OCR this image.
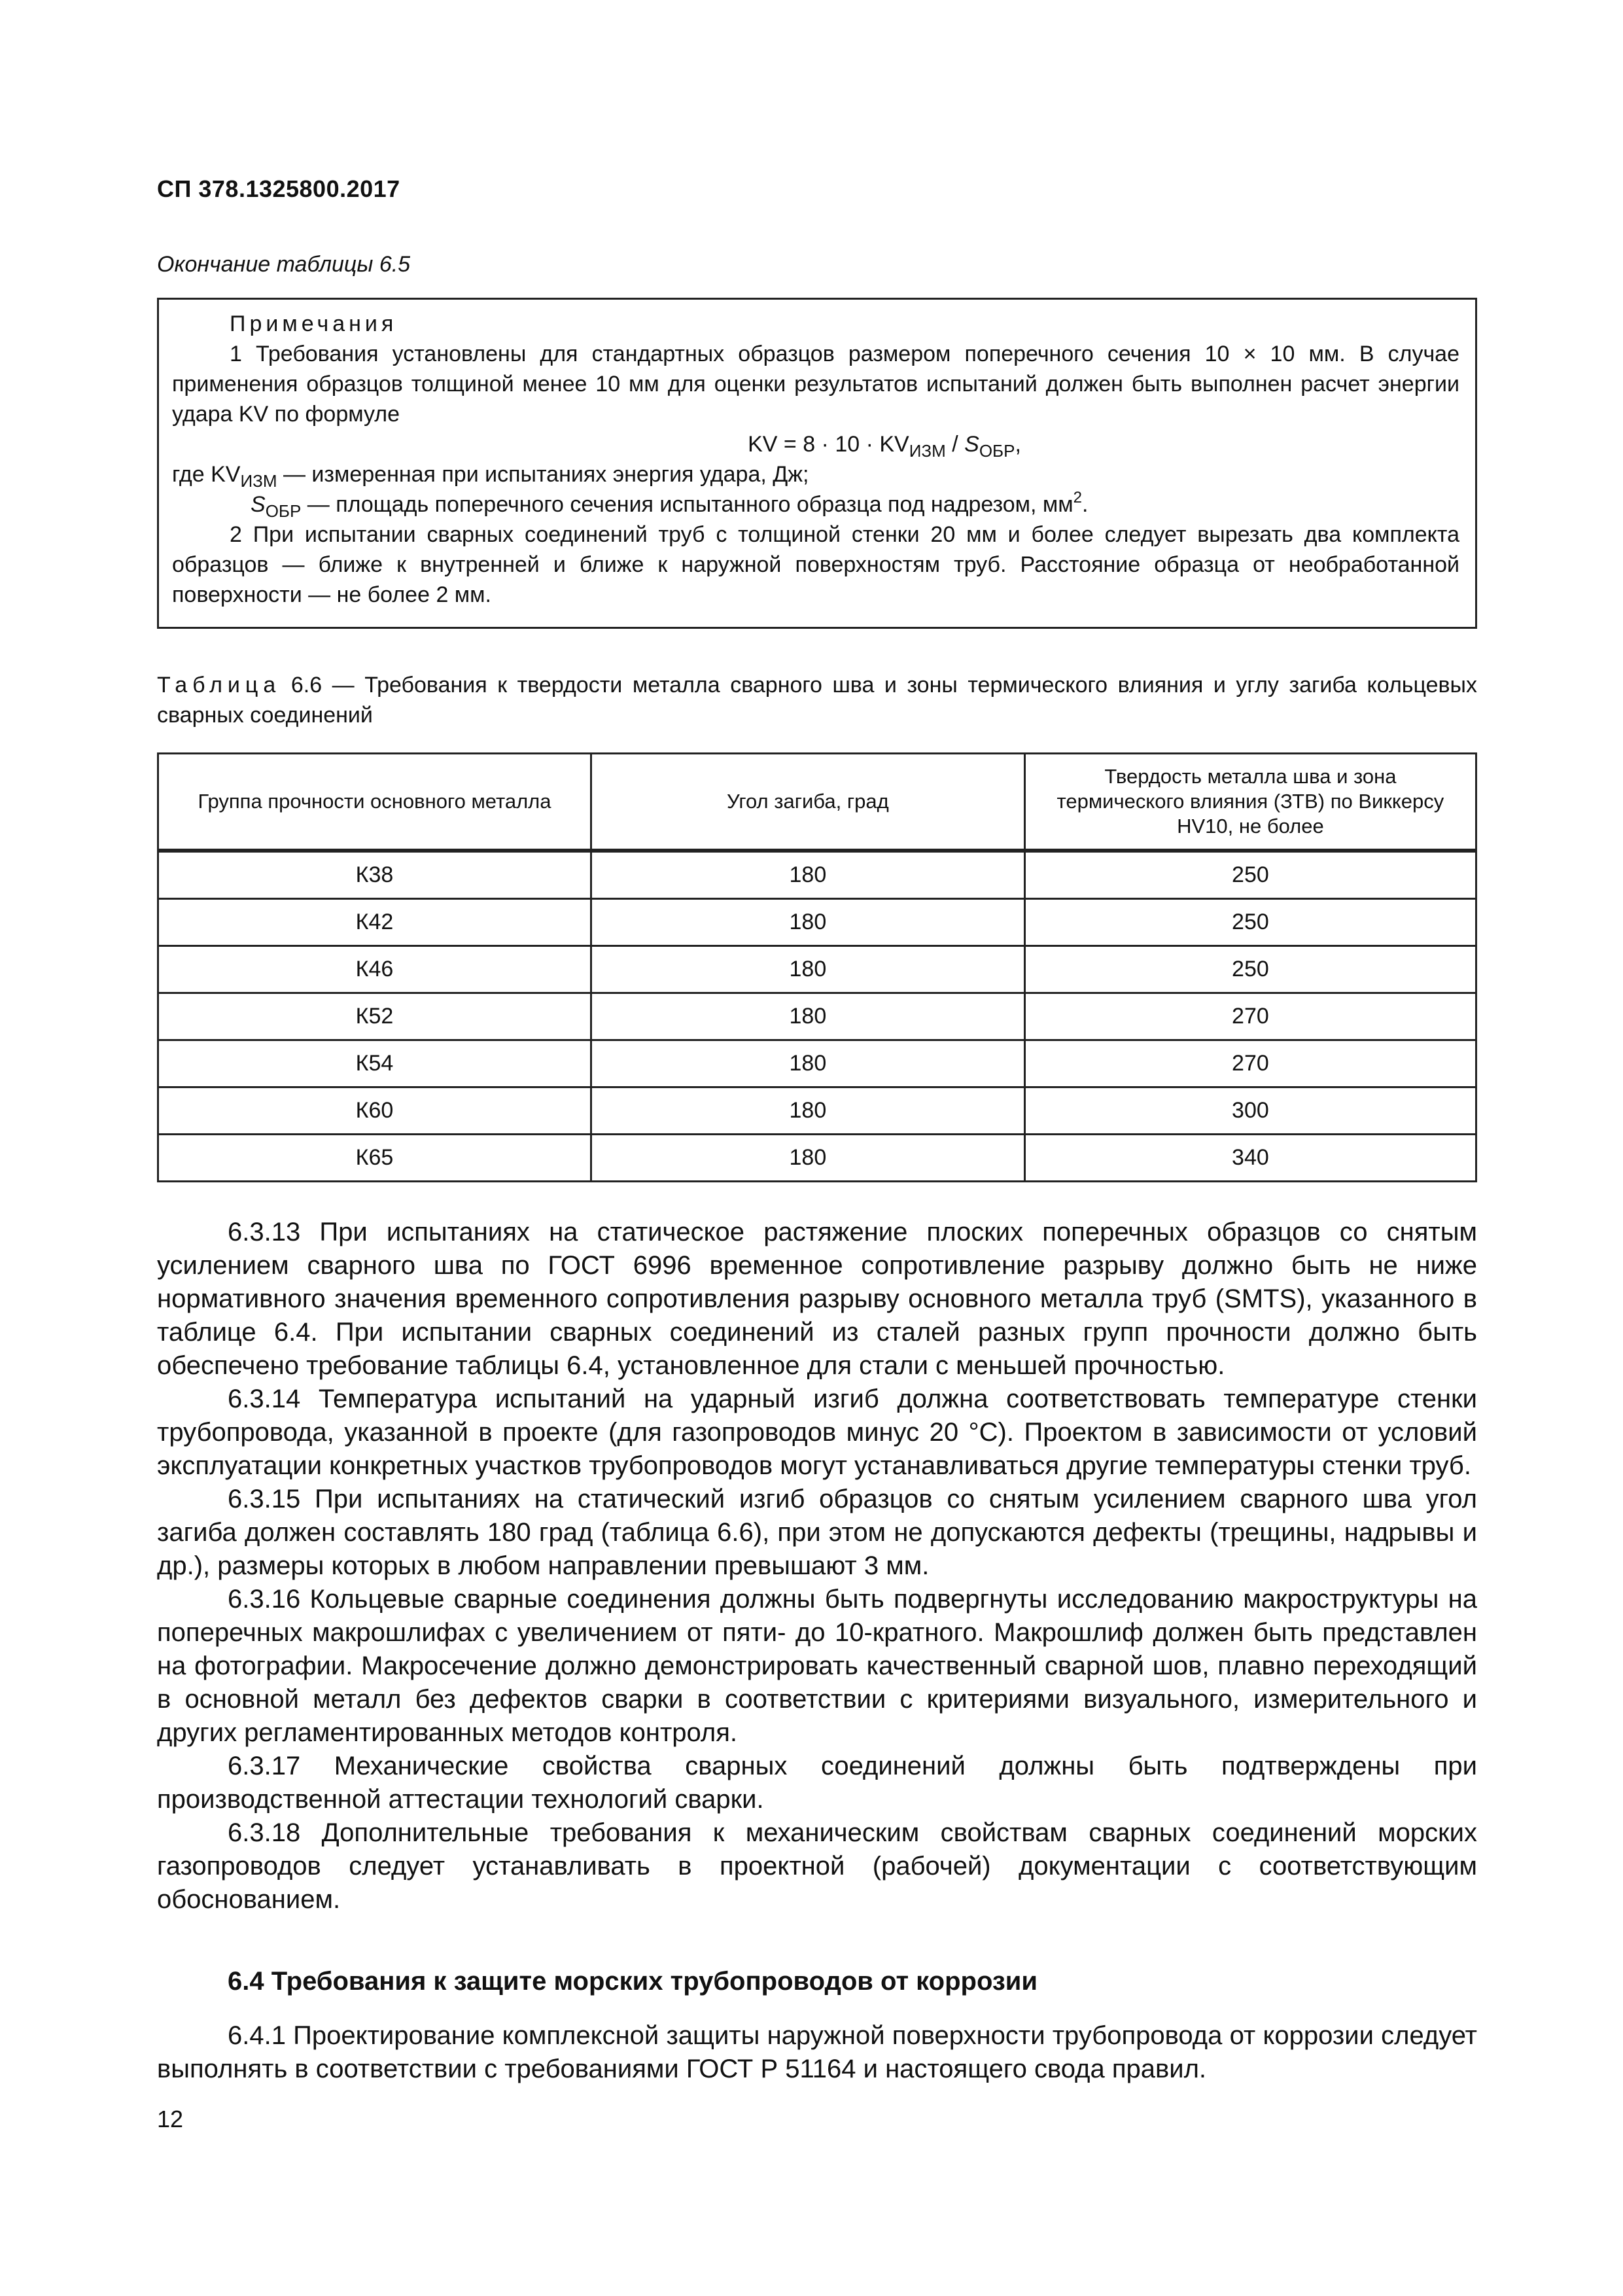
СП 378.1325800.2017
Окончание таблицы 6.5

Примечания

1 Требования установлены для стандартных образцов размером поперечного сечения 10 × 10 мм. В случае применения образцов толщиной менее 10 мм для оценки результатов испытаний должен быть выполнен расчет энергии удара KV по формуле

KV = $8 \cdot 10 \cdot KV_{ИЗМ} / S_{ОБР}$,

где $KV_{ИЗМ}$ — измеренная при испытаниях энергия удара, Дж;

$S_{ОБР}$ — площадь поперечного сечения испытанного образца под надрезом, $мм^2$.

2 При испытании сварных соединений труб с толщиной стенки 20 мм и более следует вырезать два комплекта образцов — ближе к внутренней и ближе к наружной поверхностям труб. Расстояние образца от необработанной поверхности — не более 2 мм.

Таблица 6.6 — Требования к твердости металла сварного шва и зоны термического влияния и углу загиба кольцевых сварных соединений
Группа прочности основного металла	Угол загиба, град	Твердость металла шва и зона термического влияния (ЗТВ) по Виккерсу HV10, не более
К38	180	250
К42	180	250
К46	180	250
К52	180	270
К54	180	270
К60	180	300
К65	180	340

6.3.13 При испытаниях на статическое растяжение плоских поперечных образцов со снятым усилением сварного шва по ГОСТ 6996 временное сопротивление разрыву должно быть не ниже нормативного значения временного сопротивления разрыву основного металла труб (SMTS), указанного в таблице 6.4. При испытании сварных соединений из сталей разных групп прочности должно быть обеспечено требование таблицы 6.4, установленное для стали с меньшей прочностью.

6.3.14 Температура испытаний на ударный изгиб должна соответствовать температуре стенки трубопровода, указанной в проекте (для газопроводов минус 20 °С). Проектом в зависимости от условий эксплуатации конкретных участков трубопроводов могут устанавливаться другие температуры стенки труб.

6.3.15 При испытаниях на статический изгиб образцов со снятым усилением сварного шва угол загиба должен составлять 180 град (таблица 6.6), при этом не допускаются дефекты (трещины, надрывы и др.), размеры которых в любом направлении превышают 3 мм.

6.3.16 Кольцевые сварные соединения должны быть подвергнуты исследованию макроструктуры на поперечных макрошлифах с увеличением от пяти- до 10-кратного. Макрошлиф должен быть представлен на фотографии. Макросечение должно демонстрировать качественный сварной шов, плавно переходящий в основной металл без дефектов сварки в соответствии с критериями визуального, измерительного и других регламентированных методов контроля.

6.3.17 Механические свойства сварных соединений должны быть подтверждены при производственной аттестации технологий сварки.

6.3.18 Дополнительные требования к механическим свойствам сварных соединений морских газопроводов следует устанавливать в проектной (рабочей) документации с соответствующим обоснованием.

6.4 Требования к защите морских трубопроводов от коррозии

6.4.1 Проектирование комплексной защиты наружной поверхности трубопровода от коррозии следует выполнять в соответствии с требованиями ГОСТ Р 51164 и настоящего свода правил.

12
